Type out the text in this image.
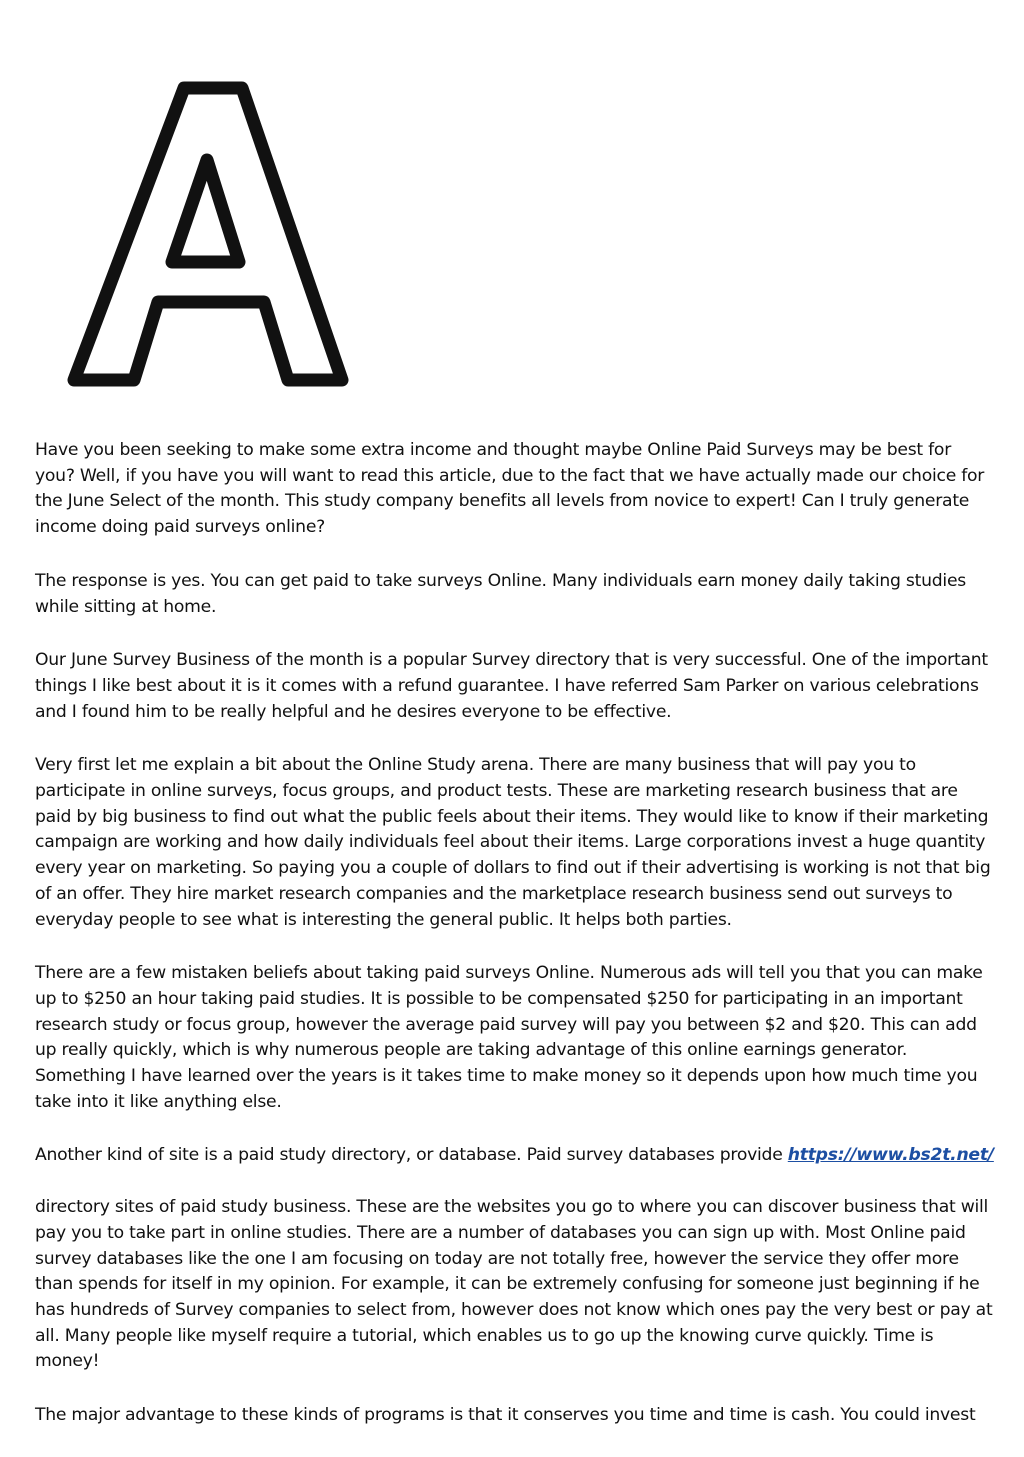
Have you been seeking to make some extra income and thought maybe Online Paid Surveys may be best for you? Well, if you have you will want to read this article, due to the fact that we have actually made our choice for the June Select of the month. This study company benefits all levels from novice to expert! Can I truly generate income doing paid surveys online?

The response is yes. You can get paid to take surveys Online. Many individuals earn money daily taking studies while sitting at home.

Our June Survey Business of the month is a popular Survey directory that is very successful. One of the important things I like best about it is it comes with a refund guarantee. I have referred Sam Parker on various celebrations and I found him to be really helpful and he desires everyone to be effective.

Very first let me explain a bit about the Online Study arena. There are many business that will pay you to participate in online surveys, focus groups, and product tests. These are marketing research business that are paid by big business to find out what the public feels about their items. They would like to know if their marketing campaign are working and how daily individuals feel about their items. Large corporations invest a huge quantity every year on marketing. So paying you a couple of dollars to find out if their advertising is working is not that big of an offer. They hire market research companies and the marketplace research business send out surveys to everyday people to see what is interesting the general public. It helps both parties.

There are a few mistaken beliefs about taking paid surveys Online. Numerous ads will tell you that you can make up to $250 an hour taking paid studies. It is possible to be compensated $250 for participating in an important research study or focus group, however the average paid survey will pay you between $2 and $20. This can add up really quickly, which is why numerous people are taking advantage of this online earnings generator. Something I have learned over the years is it takes time to make money so it depends upon how much time you take into it like anything else.

Another kind of site is a paid study directory, or database. Paid survey databases provide https://www.bs2t.net/

directory sites of paid study business. These are the websites you go to where you can discover business that will pay you to take part in online studies. There are a number of databases you can sign up with. Most Online paid survey databases like the one I am focusing on today are not totally free, however the service they offer more than spends for itself in my opinion. For example, it can be extremely confusing for someone just beginning if he has hundreds of Survey companies to select from, however does not know which ones pay the very best or pay at all. Many people like myself require a tutorial, which enables us to go up the knowing curve quickly. Time is money!

The major advantage to these kinds of programs is that it conserves you time and time is cash. You could invest
